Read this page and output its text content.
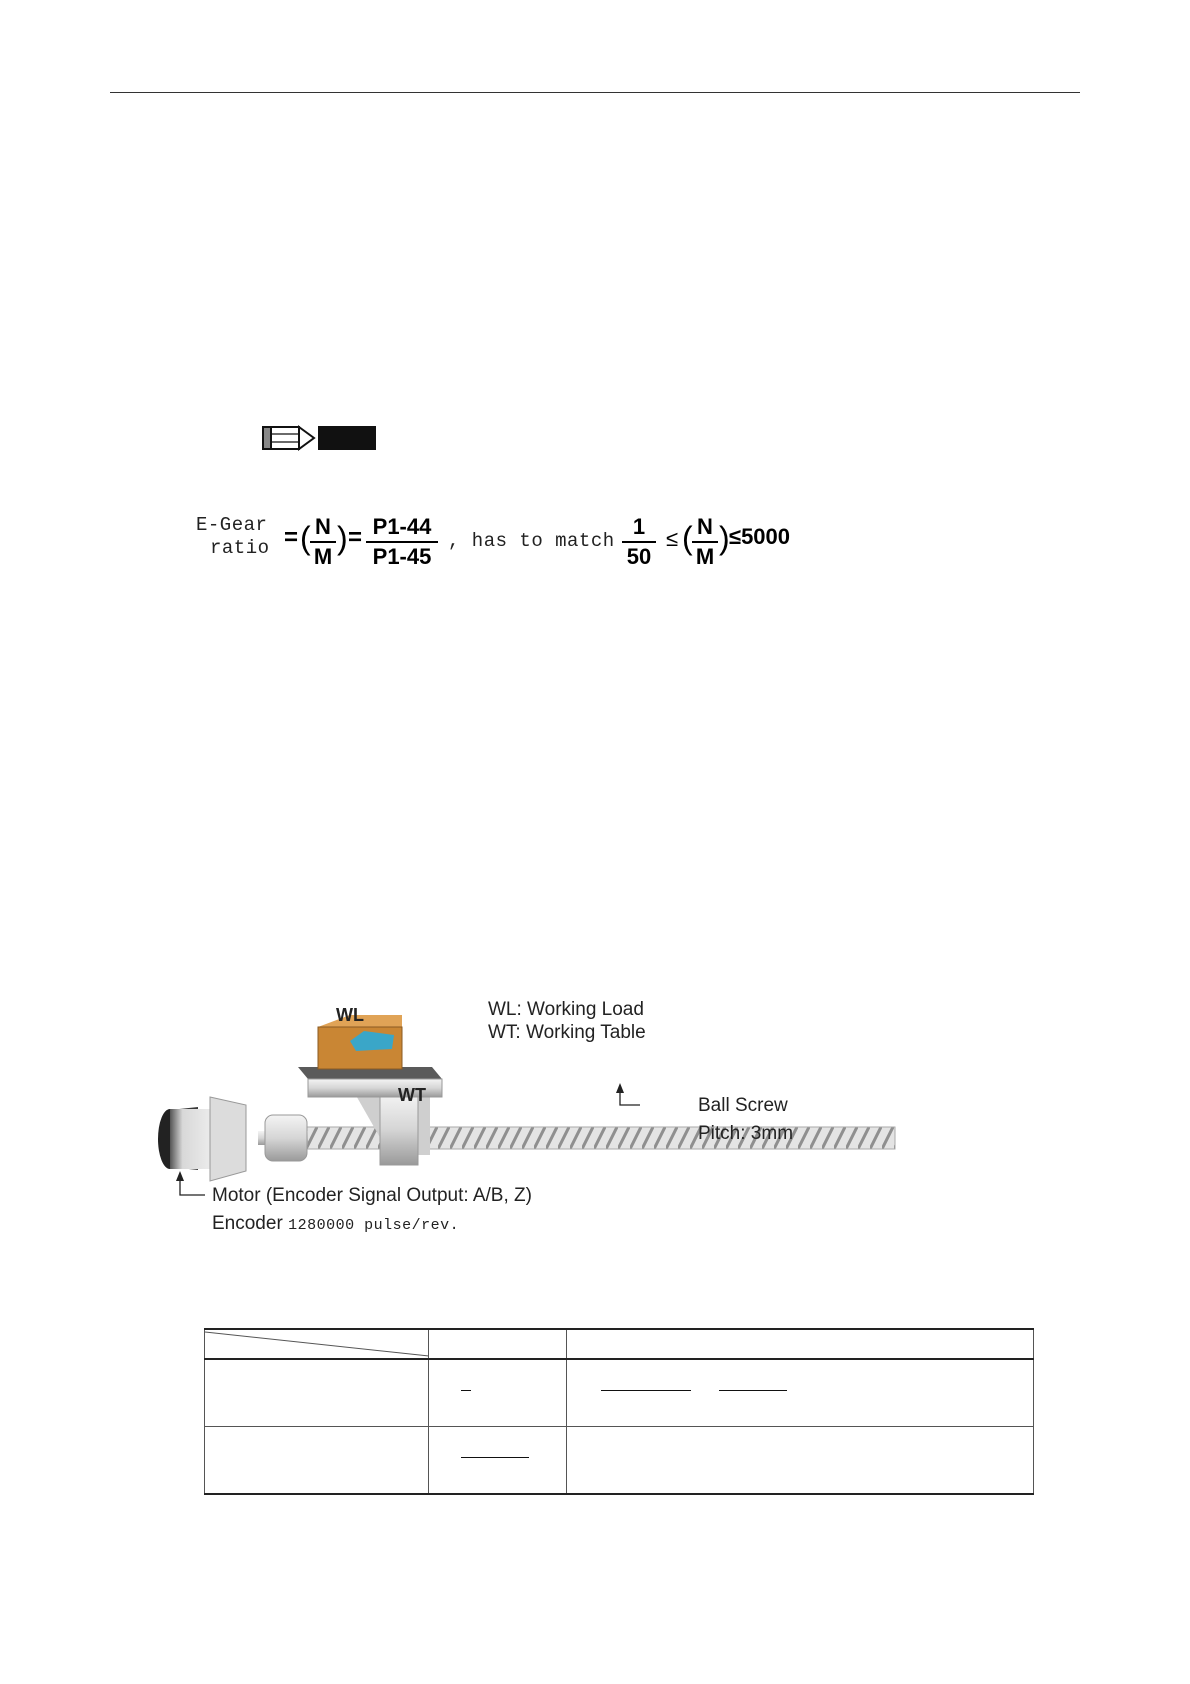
E-Gear
ratio = ( $\frac{N}{M}$ ) = $\frac{P1-44}{P1-45}$ , has to match $\frac{1}{50}$ ≤ ( $\frac{N}{M}$ ) ≤5000
WL
WT
WL: Working Load
WT: Working Table
Motor (Encoder Signal Output: A/B, Z)
Encoder 1280000 pulse/rev.
Ball Screw
Pitch: 3mm
